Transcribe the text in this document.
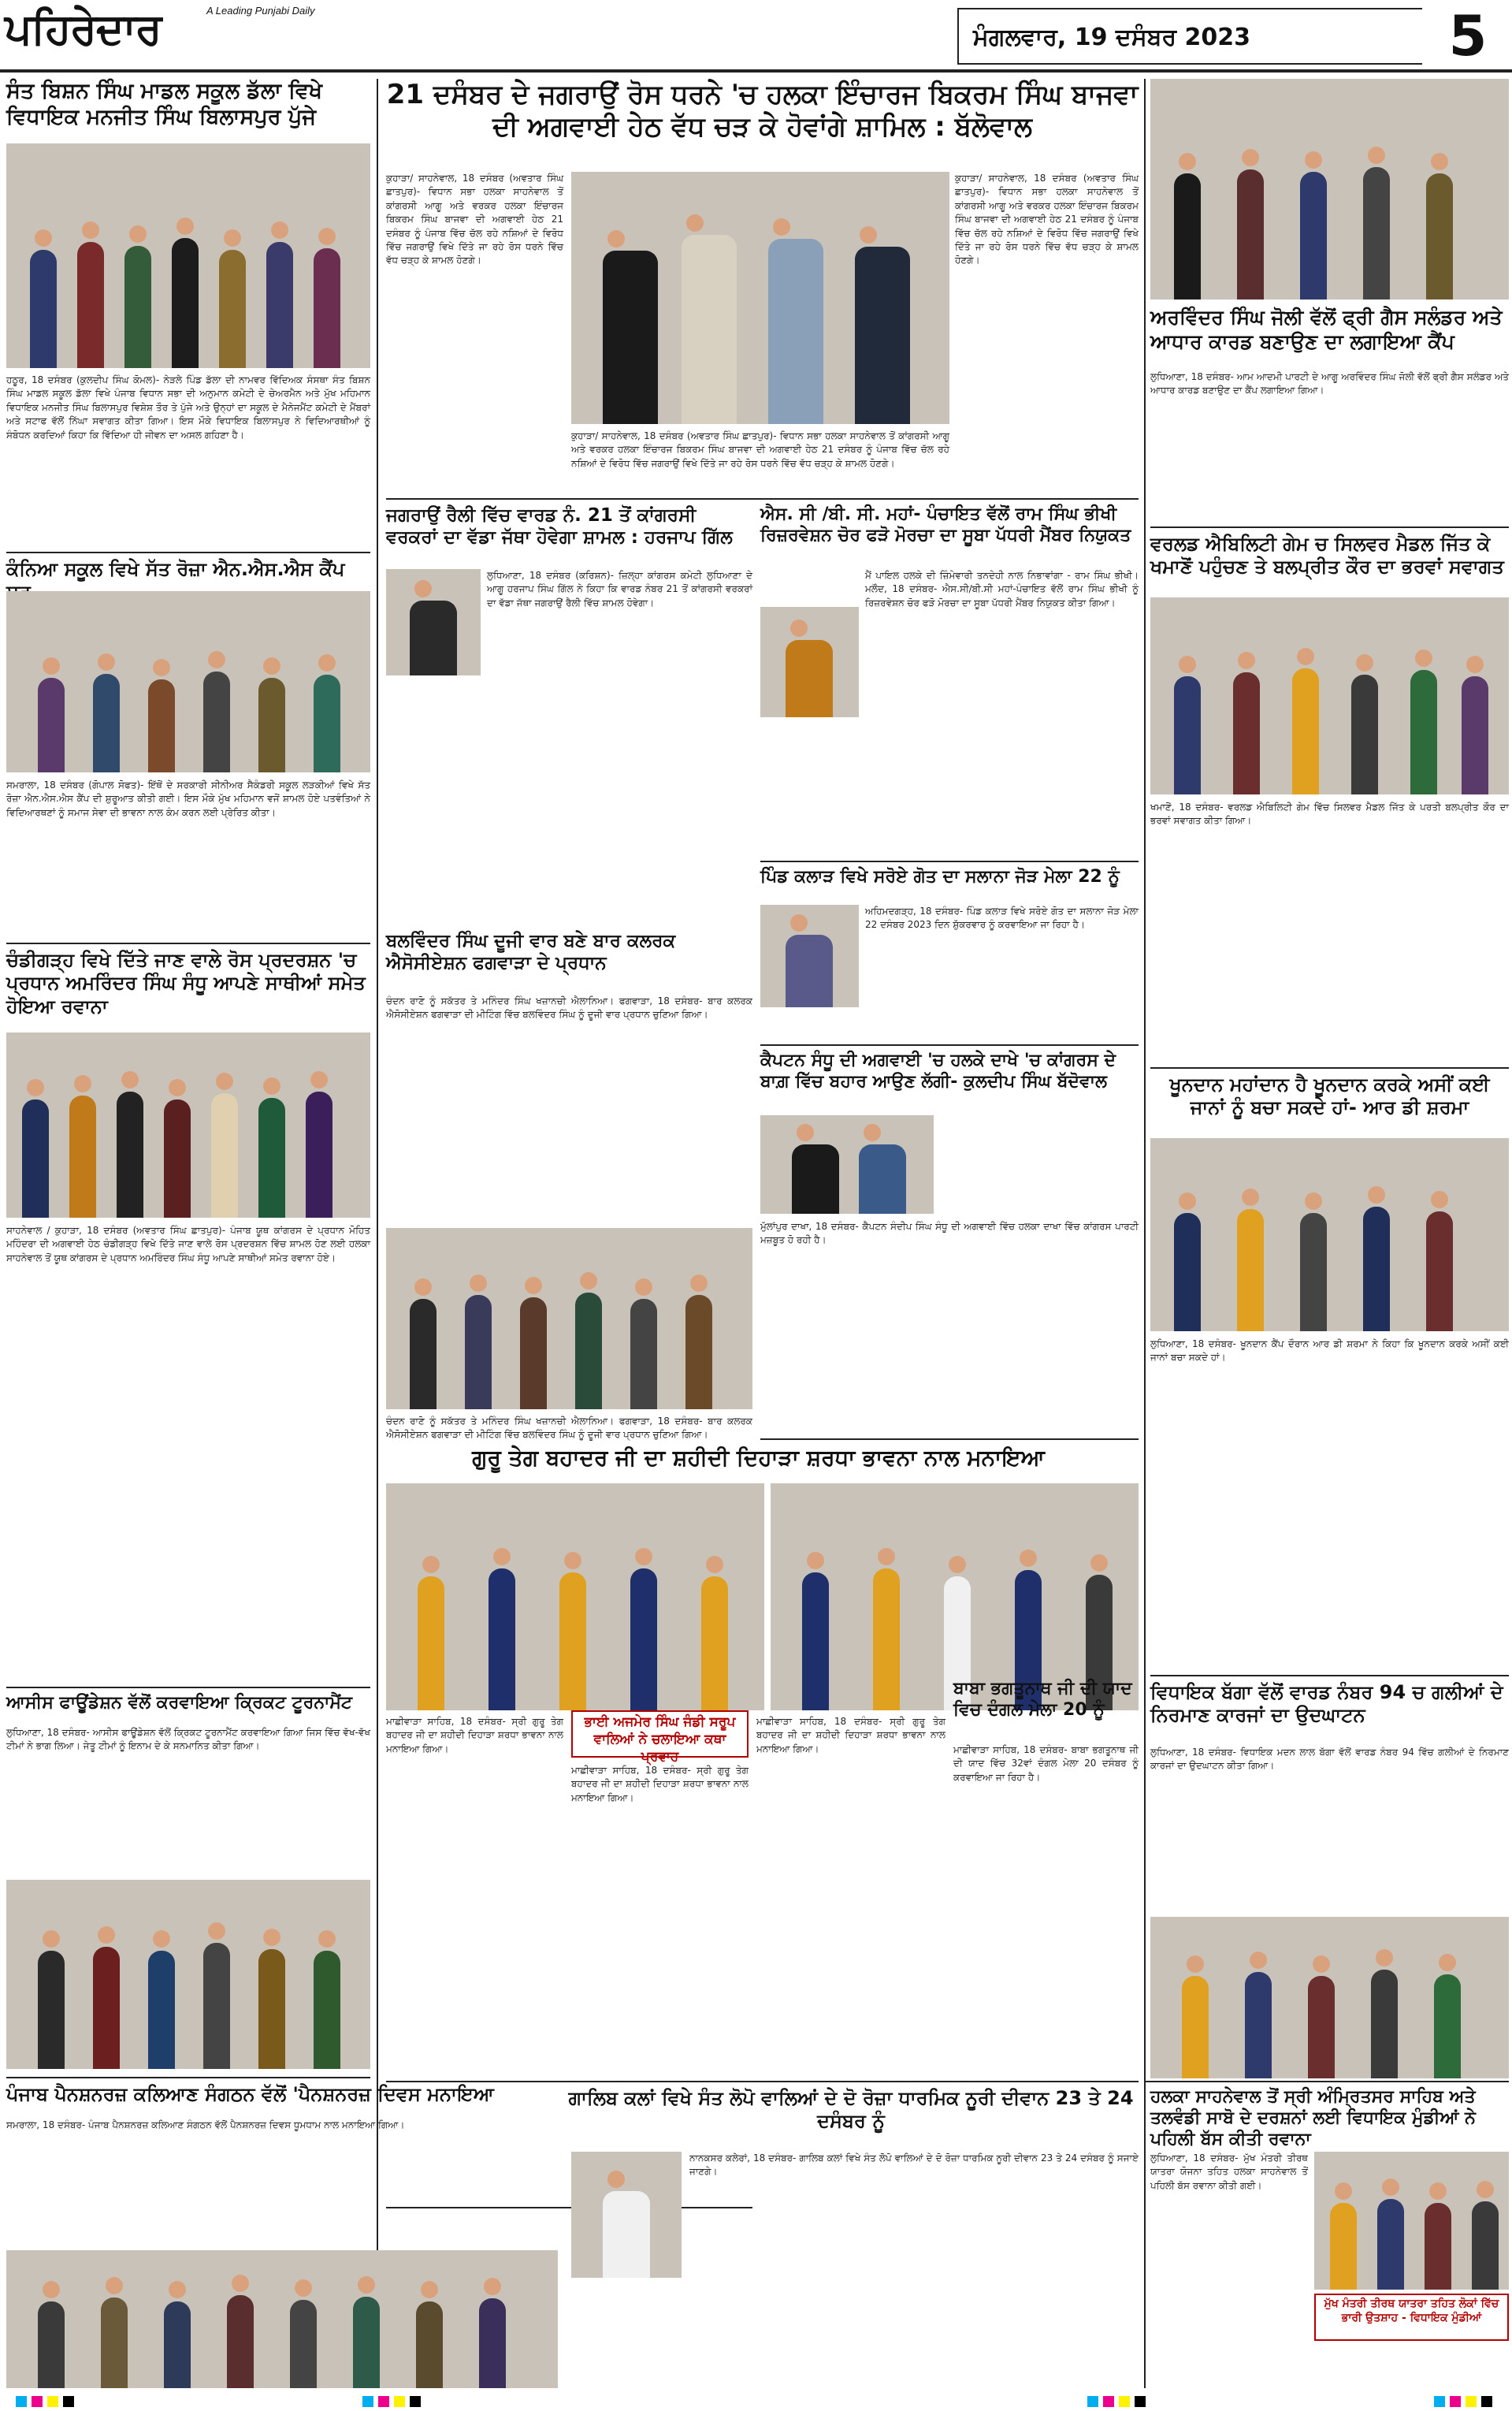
ਪਹਿਰੇਦਾਰ	A Leading Punjabi Daily
ਮੰਗਲਵਾਰ, 19 ਦਸੰਬਰ 2023	5
ਸੰਤ ਬਿਸ਼ਨ ਸਿੰਘ ਮਾਡਲ ਸਕੂਲ ਡੱਲਾ ਵਿਖੇ ਵਿਧਾਇਕ ਮਨਜੀਤ ਸਿੰਘ ਬਿਲਾਸਪੁਰ ਪੁੱਜੇ
ਹਠੂਰ, 18 ਦਸੰਬਰ (ਕੁਲਦੀਪ ਸਿੰਘ ਕੋਮਲ)- ਨੇੜਲੇ ਪਿੰਡ ਡੱਲਾ ਦੀ ਨਾਮਵਰ ਵਿੱਦਿਅਕ ਸੰਸਥਾ ਸੰਤ ਬਿਸ਼ਨ ਸਿੰਘ ਮਾਡਲ ਸਕੂਲ ਡੱਲਾ ਵਿਖੇ ਪੰਜਾਬ ਵਿਧਾਨ ਸਭਾ ਦੀ ਅਨੁਮਾਨ ਕਮੇਟੀ ਦੇ ਚੇਅਰਮੈਨ ਅਤੇ ਮੁੱਖ ਮਹਿਮਾਨ ਵਿਧਾਇਕ ਮਨਜੀਤ ਸਿੰਘ ਬਿਲਾਸਪੁਰ ਵਿਸ਼ੇਸ਼ ਤੌਰ ਤੇ ਪੁੱਜੇ ਅਤੇ ਉਨ੍ਹਾਂ ਦਾ ਸਕੂਲ ਦੇ ਮੈਨੇਜਮੈਂਟ ਕਮੇਟੀ ਦੇ ਮੈਂਬਰਾਂ ਅਤੇ ਸਟਾਫ ਵੱਲੋਂ ਨਿੱਘਾ ਸਵਾਗਤ ਕੀਤਾ ਗਿਆ। ਇਸ ਮੌਕੇ ਵਿਧਾਇਕ ਬਿਲਾਸਪੁਰ ਨੇ ਵਿਦਿਆਰਥੀਆਂ ਨੂੰ ਸੰਬੋਧਨ ਕਰਦਿਆਂ ਕਿਹਾ ਕਿ ਵਿੱਦਿਆ ਹੀ ਜੀਵਨ ਦਾ ਅਸਲ ਗਹਿਣਾ ਹੈ।
ਕੰਨਿਆ ਸਕੂਲ ਵਿਖੇ ਸੱਤ ਰੋਜ਼ਾ ਐਨ.ਐਸ.ਐਸ ਕੈਂਪ
ਸਮਰਾਲਾ, 18 ਦਸੰਬਰ (ਗੋਪਾਲ ਸੋਫਤ)- ਇੱਥੋਂ ਦੇ ਸਰਕਾਰੀ ਸੀਨੀਅਰ ਸੈਕੰਡਰੀ ਸਕੂਲ ਲੜਕੀਆਂ ਵਿਖੇ ਸੱਤ ਰੋਜ਼ਾ ਐਨ.ਐਸ.ਐਸ ਕੈਂਪ ਦੀ ਸ਼ੁਰੂਆਤ ਕੀਤੀ ਗਈ। ਇਸ ਮੌਕੇ ਮੁੱਖ ਮਹਿਮਾਨ ਵਜੋਂ ਸ਼ਾਮਲ ਹੋਏ ਪਤਵੰਤਿਆਂ ਨੇ ਵਿਦਿਆਰਥਣਾਂ ਨੂੰ ਸਮਾਜ ਸੇਵਾ ਦੀ ਭਾਵਨਾ ਨਾਲ ਕੰਮ ਕਰਨ ਲਈ ਪ੍ਰੇਰਿਤ ਕੀਤਾ।
ਚੰਡੀਗੜ੍ਹ ਵਿਖੇ ਦਿੱਤੇ ਜਾਣ ਵਾਲੇ ਰੋਸ ਪ੍ਰਦਰਸ਼ਨ 'ਚ ਪ੍ਰਧਾਨ ਅਮਰਿੰਦਰ ਸਿੰਘ ਸੰਧੂ ਆਪਣੇ ਸਾਥੀਆਂ ਸਮੇਤ ਹੋਇਆ ਰਵਾਨਾ
ਸਾਹਨੇਵਾਲ / ਕੁਹਾੜਾ, 18 ਦਸੰਬਰ (ਅਵਤਾਰ ਸਿੰਘ ਛਾਤਪੁਰ)- ਪੰਜਾਬ ਯੂਥ ਕਾਂਗਰਸ ਦੇ ਪ੍ਰਧਾਨ ਮੋਹਿਤ ਮਹਿੰਦਰਾ ਦੀ ਅਗਵਾਈ ਹੇਠ ਚੰਡੀਗੜ੍ਹ ਵਿਖੇ ਦਿੱਤੇ ਜਾਣ ਵਾਲੇ ਰੋਸ ਪ੍ਰਦਰਸ਼ਨ ਵਿੱਚ ਸ਼ਾਮਲ ਹੋਣ ਲਈ ਹਲਕਾ ਸਾਹਨੇਵਾਲ ਤੋਂ ਯੂਥ ਕਾਂਗਰਸ ਦੇ ਪ੍ਰਧਾਨ ਅਮਰਿੰਦਰ ਸਿੰਘ ਸੰਧੂ ਆਪਣੇ ਸਾਥੀਆਂ ਸਮੇਤ ਰਵਾਨਾ ਹੋਏ।
ਆਸੀਸ ਫਾਊਂਡੇਸ਼ਨ ਵੱਲੋਂ ਕਰਵਾਇਆ ਕ੍ਰਿਕਟ ਟੂਰਨਾਮੈਂਟ
ਲੁਧਿਆਣਾ, 18 ਦਸੰਬਰ- ਆਸੀਸ ਫਾਊਂਡੇਸ਼ਨ ਵੱਲੋਂ ਕ੍ਰਿਕਟ ਟੂਰਨਾਮੈਂਟ ਕਰਵਾਇਆ ਗਿਆ ਜਿਸ ਵਿੱਚ ਵੱਖ-ਵੱਖ ਟੀਮਾਂ ਨੇ ਭਾਗ ਲਿਆ। ਜੇਤੂ ਟੀਮਾਂ ਨੂੰ ਇਨਾਮ ਦੇ ਕੇ ਸਨਮਾਨਿਤ ਕੀਤਾ ਗਿਆ।
ਪੰਜਾਬ ਪੈਨਸ਼ਨਰਜ਼ ਕਲਿਆਣ ਸੰਗਠਨ ਵੱਲੋਂ 'ਪੈਨਸ਼ਨਰਜ਼ ਦਿਵਸ ਮਨਾਇਆ
ਸਮਰਾਲਾ, 18 ਦਸੰਬਰ- ਪੰਜਾਬ ਪੈਨਸ਼ਨਰਜ਼ ਕਲਿਆਣ ਸੰਗਠਨ ਵੱਲੋਂ ਪੈਨਸ਼ਨਰਜ਼ ਦਿਵਸ ਧੂਮਧਾਮ ਨਾਲ ਮਨਾਇਆ ਗਿਆ।
21 ਦਸੰਬਰ ਦੇ ਜਗਰਾਉਂ ਰੋਸ ਧਰਨੇ 'ਚ ਹਲਕਾ ਇੰਚਾਰਜ ਬਿਕਰਮ ਸਿੰਘ ਬਾਜਵਾ ਦੀ ਅਗਵਾਈ ਹੇਠ ਵੱਧ ਚੜ ਕੇ ਹੋਵਾਂਗੇ ਸ਼ਾਮਿਲ : ਬੱਲੋਵਾਲ
ਕੁਹਾੜਾ/ ਸਾਹਨੇਵਾਲ, 18 ਦਸੰਬਰ (ਅਵਤਾਰ ਸਿੰਘ ਛਾਤਪੁਰ)- ਵਿਧਾਨ ਸਭਾ ਹਲਕਾ ਸਾਹਨੇਵਾਲ ਤੋਂ ਕਾਂਗਰਸੀ ਆਗੂ ਅਤੇ ਵਰਕਰ ਹਲਕਾ ਇੰਚਾਰਜ ਬਿਕਰਮ ਸਿੰਘ ਬਾਜਵਾ ਦੀ ਅਗਵਾਈ ਹੇਠ 21 ਦਸੰਬਰ ਨੂੰ ਪੰਜਾਬ ਵਿੱਚ ਚੱਲ ਰਹੇ ਨਸ਼ਿਆਂ ਦੇ ਵਿਰੋਧ ਵਿੱਚ ਜਗਰਾਉਂ ਵਿਖੇ ਦਿੱਤੇ ਜਾ ਰਹੇ ਰੋਸ ਧਰਨੇ ਵਿੱਚ ਵੱਧ ਚੜ੍ਹ ਕੇ ਸ਼ਾਮਲ ਹੋਣਗੇ।
ਕੁਹਾੜਾ/ ਸਾਹਨੇਵਾਲ, 18 ਦਸੰਬਰ (ਅਵਤਾਰ ਸਿੰਘ ਛਾਤਪੁਰ)- ਵਿਧਾਨ ਸਭਾ ਹਲਕਾ ਸਾਹਨੇਵਾਲ ਤੋਂ ਕਾਂਗਰਸੀ ਆਗੂ ਅਤੇ ਵਰਕਰ ਹਲਕਾ ਇੰਚਾਰਜ ਬਿਕਰਮ ਸਿੰਘ ਬਾਜਵਾ ਦੀ ਅਗਵਾਈ ਹੇਠ 21 ਦਸੰਬਰ ਨੂੰ ਪੰਜਾਬ ਵਿੱਚ ਚੱਲ ਰਹੇ ਨਸ਼ਿਆਂ ਦੇ ਵਿਰੋਧ ਵਿੱਚ ਜਗਰਾਉਂ ਵਿਖੇ ਦਿੱਤੇ ਜਾ ਰਹੇ ਰੋਸ ਧਰਨੇ ਵਿੱਚ ਵੱਧ ਚੜ੍ਹ ਕੇ ਸ਼ਾਮਲ ਹੋਣਗੇ।
ਕੁਹਾੜਾ/ ਸਾਹਨੇਵਾਲ, 18 ਦਸੰਬਰ (ਅਵਤਾਰ ਸਿੰਘ ਛਾਤਪੁਰ)- ਵਿਧਾਨ ਸਭਾ ਹਲਕਾ ਸਾਹਨੇਵਾਲ ਤੋਂ ਕਾਂਗਰਸੀ ਆਗੂ ਅਤੇ ਵਰਕਰ ਹਲਕਾ ਇੰਚਾਰਜ ਬਿਕਰਮ ਸਿੰਘ ਬਾਜਵਾ ਦੀ ਅਗਵਾਈ ਹੇਠ 21 ਦਸੰਬਰ ਨੂੰ ਪੰਜਾਬ ਵਿੱਚ ਚੱਲ ਰਹੇ ਨਸ਼ਿਆਂ ਦੇ ਵਿਰੋਧ ਵਿੱਚ ਜਗਰਾਉਂ ਵਿਖੇ ਦਿੱਤੇ ਜਾ ਰਹੇ ਰੋਸ ਧਰਨੇ ਵਿੱਚ ਵੱਧ ਚੜ੍ਹ ਕੇ ਸ਼ਾਮਲ ਹੋਣਗੇ।
ਜਗਰਾਉਂ ਰੈਲੀ ਵਿੱਚ ਵਾਰਡ ਨੰ. 21 ਤੋਂ ਕਾਂਗਰਸੀ ਵਰਕਰਾਂ ਦਾ ਵੱਡਾ ਜੱਥਾ ਹੋਵੇਗਾ ਸ਼ਾਮਲ : ਹਰਜਾਪ ਗਿੱਲ
ਲੁਧਿਆਣਾ, 18 ਦਸੰਬਰ (ਕਰਿਸ਼ਨ)- ਜ਼ਿਲ੍ਹਾ ਕਾਂਗਰਸ ਕਮੇਟੀ ਲੁਧਿਆਣਾ ਦੇ ਆਗੂ ਹਰਜਾਪ ਸਿੰਘ ਗਿੱਲ ਨੇ ਕਿਹਾ ਕਿ ਵਾਰਡ ਨੰਬਰ 21 ਤੋਂ ਕਾਂਗਰਸੀ ਵਰਕਰਾਂ ਦਾ ਵੱਡਾ ਜੱਥਾ ਜਗਰਾਉਂ ਰੈਲੀ ਵਿੱਚ ਸ਼ਾਮਲ ਹੋਵੇਗਾ।
ਐਸ. ਸੀ /ਬੀ. ਸੀ. ਮਹਾਂ- ਪੰਚਾਇਤ ਵੱਲੋਂ ਰਾਮ ਸਿੰਘ ਭੀਖੀ ਰਿਜ਼ਰਵੇਸ਼ਨ ਚੋਰ ਫੜੋ ਮੋਰਚਾ ਦਾ ਸੂਬਾ ਪੱਧਰੀ ਮੈਂਬਰ ਨਿਯੁਕਤ
ਮੈਂ ਪਾਇਲ ਹਲਕੇ ਦੀ ਜ਼ਿੰਮੇਵਾਰੀ ਤਨਦੇਹੀ ਨਾਲ ਨਿਭਾਵਾਂਗਾ - ਰਾਮ ਸਿੰਘ ਭੀਖੀ। ਮਲੌਦ, 18 ਦਸੰਬਰ- ਐਸ.ਸੀ/ਬੀ.ਸੀ ਮਹਾਂ-ਪੰਚਾਇਤ ਵੱਲੋਂ ਰਾਮ ਸਿੰਘ ਭੀਖੀ ਨੂੰ ਰਿਜ਼ਰਵੇਸ਼ਨ ਚੋਰ ਫੜੋ ਮੋਰਚਾ ਦਾ ਸੂਬਾ ਪੱਧਰੀ ਮੈਂਬਰ ਨਿਯੁਕਤ ਕੀਤਾ ਗਿਆ।
ਬਲਵਿੰਦਰ ਸਿੰਘ ਦੂਜੀ ਵਾਰ ਬਣੇ ਬਾਰ ਕਲਰਕ ਐਸੋਸੀਏਸ਼ਨ ਫਗਵਾੜਾ ਦੇ ਪ੍ਰਧਾਨ
ਚੰਦਨ ਰਾਣੋ ਨੂੰ ਸਕੱਤਰ ਤੇ ਮਨਿੰਦਰ ਸਿੰਘ ਖਜ਼ਾਨਚੀ ਐਲਾਨਿਆ। ਫਗਵਾੜਾ, 18 ਦਸੰਬਰ- ਬਾਰ ਕਲਰਕ ਐਸੋਸੀਏਸ਼ਨ ਫਗਵਾੜਾ ਦੀ ਮੀਟਿੰਗ ਵਿੱਚ ਬਲਵਿੰਦਰ ਸਿੰਘ ਨੂੰ ਦੂਜੀ ਵਾਰ ਪ੍ਰਧਾਨ ਚੁਣਿਆ ਗਿਆ।
ਚੰਦਨ ਰਾਣੋ ਨੂੰ ਸਕੱਤਰ ਤੇ ਮਨਿੰਦਰ ਸਿੰਘ ਖਜ਼ਾਨਚੀ ਐਲਾਨਿਆ। ਫਗਵਾੜਾ, 18 ਦਸੰਬਰ- ਬਾਰ ਕਲਰਕ ਐਸੋਸੀਏਸ਼ਨ ਫਗਵਾੜਾ ਦੀ ਮੀਟਿੰਗ ਵਿੱਚ ਬਲਵਿੰਦਰ ਸਿੰਘ ਨੂੰ ਦੂਜੀ ਵਾਰ ਪ੍ਰਧਾਨ ਚੁਣਿਆ ਗਿਆ।
ਪਿੰਡ ਕਲਾੜ ਵਿਖੇ ਸਰੋਏ ਗੋਤ ਦਾ ਸਲਾਨਾ ਜੋੜ ਮੇਲਾ 22 ਨੂੰ
ਅਹਿਮਦਗੜ੍ਹ, 18 ਦਸੰਬਰ- ਪਿੰਡ ਕਲਾੜ ਵਿਖੇ ਸਰੋਏ ਗੋਤ ਦਾ ਸਲਾਨਾ ਜੋੜ ਮੇਲਾ 22 ਦਸੰਬਰ 2023 ਦਿਨ ਸ਼ੁੱਕਰਵਾਰ ਨੂੰ ਕਰਵਾਇਆ ਜਾ ਰਿਹਾ ਹੈ।
ਕੈਪਟਨ ਸੰਧੂ ਦੀ ਅਗਵਾਈ 'ਚ ਹਲਕੇ ਦਾਖੇ 'ਚ ਕਾਂਗਰਸ ਦੇ ਬਾਗ਼ ਵਿੱਚ ਬਹਾਰ ਆਉਣ ਲੱਗੀ- ਕੁਲਦੀਪ ਸਿੰਘ ਬੱਦੋਵਾਲ
ਮੁੱਲਾਂਪੁਰ ਦਾਖਾ, 18 ਦਸੰਬਰ- ਕੈਪਟਨ ਸੰਦੀਪ ਸਿੰਘ ਸੰਧੂ ਦੀ ਅਗਵਾਈ ਵਿੱਚ ਹਲਕਾ ਦਾਖਾ ਵਿੱਚ ਕਾਂਗਰਸ ਪਾਰਟੀ ਮਜ਼ਬੂਤ ਹੋ ਰਹੀ ਹੈ।
ਗੁਰੂ ਤੇਗ ਬਹਾਦਰ ਜੀ ਦਾ ਸ਼ਹੀਦੀ ਦਿਹਾੜਾ ਸ਼ਰਧਾ ਭਾਵਨਾ ਨਾਲ ਮਨਾਇਆ
ਭਾਈ ਅਜਮੇਰ ਸਿੰਘ ਜੰਡੀ ਸਰੂਪ ਵਾਲਿਆਂ ਨੇ ਚਲਾਇਆ ਕਥਾ ਪ੍ਰਵਾਹ
ਮਾਛੀਵਾੜਾ ਸਾਹਿਬ, 18 ਦਸੰਬਰ- ਸ੍ਰੀ ਗੁਰੂ ਤੇਗ ਬਹਾਦਰ ਜੀ ਦਾ ਸ਼ਹੀਦੀ ਦਿਹਾੜਾ ਸ਼ਰਧਾ ਭਾਵਨਾ ਨਾਲ ਮਨਾਇਆ ਗਿਆ।
ਮਾਛੀਵਾੜਾ ਸਾਹਿਬ, 18 ਦਸੰਬਰ- ਸ੍ਰੀ ਗੁਰੂ ਤੇਗ ਬਹਾਦਰ ਜੀ ਦਾ ਸ਼ਹੀਦੀ ਦਿਹਾੜਾ ਸ਼ਰਧਾ ਭਾਵਨਾ ਨਾਲ ਮਨਾਇਆ ਗਿਆ।
ਮਾਛੀਵਾੜਾ ਸਾਹਿਬ, 18 ਦਸੰਬਰ- ਸ੍ਰੀ ਗੁਰੂ ਤੇਗ ਬਹਾਦਰ ਜੀ ਦਾ ਸ਼ਹੀਦੀ ਦਿਹਾੜਾ ਸ਼ਰਧਾ ਭਾਵਨਾ ਨਾਲ ਮਨਾਇਆ ਗਿਆ।
ਬਾਬਾ ਭਗਤੂਨਾਥ ਜੀ ਦੀ ਯਾਦ ਵਿਚ ਦੰਗਲ ਮੇਲਾ 20 ਨੂੰ
ਮਾਛੀਵਾੜਾ ਸਾਹਿਬ, 18 ਦਸੰਬਰ- ਬਾਬਾ ਭਗਤੂਨਾਥ ਜੀ ਦੀ ਯਾਦ ਵਿੱਚ 32ਵਾਂ ਦੰਗਲ ਮੇਲਾ 20 ਦਸੰਬਰ ਨੂੰ ਕਰਵਾਇਆ ਜਾ ਰਿਹਾ ਹੈ।
ਗਾਲਿਬ ਕਲਾਂ ਵਿਖੇ ਸੰਤ ਲੋਪੋ ਵਾਲਿਆਂ ਦੇ ਦੋ ਰੋਜ਼ਾ ਧਾਰਮਿਕ ਨੂਰੀ ਦੀਵਾਨ 23 ਤੇ 24 ਦਸੰਬਰ ਨੂੰ
ਨਾਨਕਸਰ ਕਲੇਰਾਂ, 18 ਦਸੰਬਰ- ਗਾਲਿਬ ਕਲਾਂ ਵਿਖੇ ਸੰਤ ਲੋਪੋ ਵਾਲਿਆਂ ਦੇ ਦੋ ਰੋਜ਼ਾ ਧਾਰਮਿਕ ਨੂਰੀ ਦੀਵਾਨ 23 ਤੇ 24 ਦਸੰਬਰ ਨੂੰ ਸਜਾਏ ਜਾਣਗੇ।
ਅਰਵਿੰਦਰ ਸਿੰਘ ਜੋਲੀ ਵੱਲੋਂ ਫ੍ਰੀ ਗੈਸ ਸਲੰਡਰ ਅਤੇ ਆਧਾਰ ਕਾਰਡ ਬਣਾਉਣ ਦਾ ਲਗਾਇਆ ਕੈਂਪ
ਲੁਧਿਆਣਾ, 18 ਦਸੰਬਰ- ਆਮ ਆਦਮੀ ਪਾਰਟੀ ਦੇ ਆਗੂ ਅਰਵਿੰਦਰ ਸਿੰਘ ਜੋਲੀ ਵੱਲੋਂ ਫ੍ਰੀ ਗੈਸ ਸਲੰਡਰ ਅਤੇ ਆਧਾਰ ਕਾਰਡ ਬਣਾਉਣ ਦਾ ਕੈਂਪ ਲਗਾਇਆ ਗਿਆ।
ਵਰਲਡ ਐਬਿਲਿਟੀ ਗੇਮ ਚ ਸਿਲਵਰ ਮੈਡਲ ਜਿੱਤ ਕੇ ਖਮਾਣੋਂ ਪਹੁੰਚਣ ਤੇ ਬਲਪ੍ਰੀਤ ਕੌਰ ਦਾ ਭਰਵਾਂ ਸਵਾਗਤ
ਖਮਾਣੋਂ, 18 ਦਸੰਬਰ- ਵਰਲਡ ਐਬਿਲਿਟੀ ਗੇਮ ਵਿੱਚ ਸਿਲਵਰ ਮੈਡਲ ਜਿੱਤ ਕੇ ਪਰਤੀ ਬਲਪ੍ਰੀਤ ਕੌਰ ਦਾ ਭਰਵਾਂ ਸਵਾਗਤ ਕੀਤਾ ਗਿਆ।
ਖੂਨਦਾਨ ਮਹਾਂਦਾਨ ਹੈ ਖੂਨਦਾਨ ਕਰਕੇ ਅਸੀਂ ਕਈ ਜਾਨਾਂ ਨੂੰ ਬਚਾ ਸਕਦੇ ਹਾਂ- ਆਰ ਡੀ ਸ਼ਰਮਾ
ਲੁਧਿਆਣਾ, 18 ਦਸੰਬਰ- ਖੂਨਦਾਨ ਕੈਂਪ ਦੌਰਾਨ ਆਰ ਡੀ ਸ਼ਰਮਾ ਨੇ ਕਿਹਾ ਕਿ ਖੂਨਦਾਨ ਕਰਕੇ ਅਸੀਂ ਕਈ ਜਾਨਾਂ ਬਚਾ ਸਕਦੇ ਹਾਂ।
ਵਿਧਾਇਕ ਬੱਗਾ ਵੱਲੋਂ ਵਾਰਡ ਨੰਬਰ 94 ਚ ਗਲੀਆਂ ਦੇ ਨਿਰਮਾਣ ਕਾਰਜਾਂ ਦਾ ਉਦਘਾਟਨ
ਲੁਧਿਆਣਾ, 18 ਦਸੰਬਰ- ਵਿਧਾਇਕ ਮਦਨ ਲਾਲ ਬੱਗਾ ਵੱਲੋਂ ਵਾਰਡ ਨੰਬਰ 94 ਵਿੱਚ ਗਲੀਆਂ ਦੇ ਨਿਰਮਾਣ ਕਾਰਜਾਂ ਦਾ ਉਦਘਾਟਨ ਕੀਤਾ ਗਿਆ।
ਹਲਕਾ ਸਾਹਨੇਵਾਲ ਤੋਂ ਸ੍ਰੀ ਅੰਮ੍ਰਿਤਸਰ ਸਾਹਿਬ ਅਤੇ ਤਲਵੰਡੀ ਸਾਬੋ ਦੇ ਦਰਸ਼ਨਾਂ ਲਈ ਵਿਧਾਇਕ ਮੁੰਡੀਆਂ ਨੇ ਪਹਿਲੀ ਬੱਸ ਕੀਤੀ ਰਵਾਨਾ
ਲੁਧਿਆਣਾ, 18 ਦਸੰਬਰ- ਮੁੱਖ ਮੰਤਰੀ ਤੀਰਥ ਯਾਤਰਾ ਯੋਜਨਾ ਤਹਿਤ ਹਲਕਾ ਸਾਹਨੇਵਾਲ ਤੋਂ ਪਹਿਲੀ ਬੱਸ ਰਵਾਨਾ ਕੀਤੀ ਗਈ।
ਮੁੱਖ ਮੰਤਰੀ ਤੀਰਥ ਯਾਤਰਾ ਤਹਿਤ ਲੋਕਾਂ ਵਿੱਚ ਭਾਰੀ ਉਤਸ਼ਾਹ - ਵਿਧਾਇਕ ਮੁੰਡੀਆਂ
